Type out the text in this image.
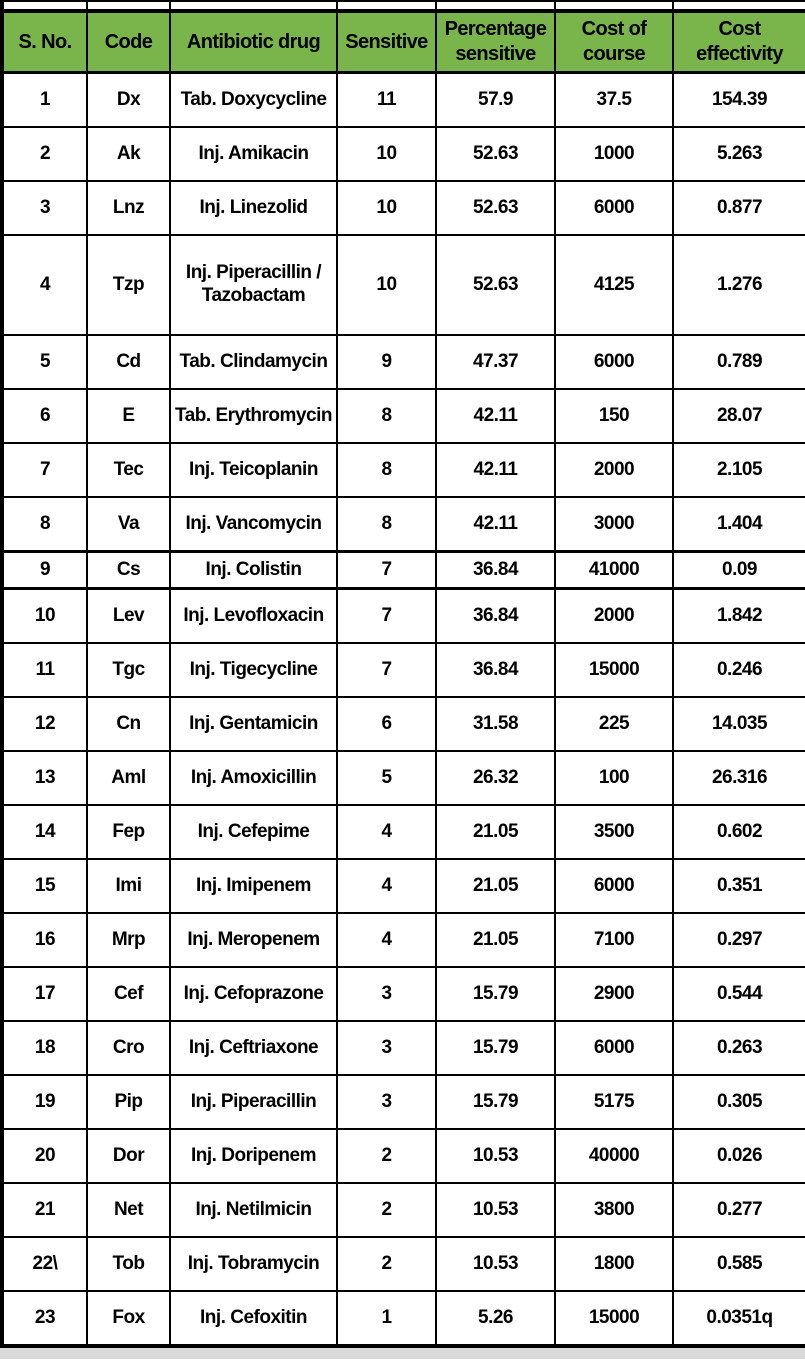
S. No.	Code	Antibiotic drug	Sensitive	Percentage sensitive	Cost of course	Cost effectivity
1	Dx	Tab. Doxycycline	11	57.9	37.5	154.39
2	Ak	Inj. Amikacin	10	52.63	1000	5.263
3	Lnz	Inj. Linezolid	10	52.63	6000	0.877
4	Tzp	Inj. Piperacillin / Tazobactam	10	52.63	4125	1.276
5	Cd	Tab. Clindamycin	9	47.37	6000	0.789
6	E	Tab. Erythromycin	8	42.11	150	28.07
7	Tec	Inj. Teicoplanin	8	42.11	2000	2.105
8	Va	Inj. Vancomycin	8	42.11	3000	1.404
9	Cs	Inj. Colistin	7	36.84	41000	0.09
10	Lev	Inj. Levofloxacin	7	36.84	2000	1.842
11	Tgc	Inj. Tigecycline	7	36.84	15000	0.246
12	Cn	Inj. Gentamicin	6	31.58	225	14.035
13	Aml	Inj. Amoxicillin	5	26.32	100	26.316
14	Fep	Inj. Cefepime	4	21.05	3500	0.602
15	Imi	Inj. Imipenem	4	21.05	6000	0.351
16	Mrp	Inj. Meropenem	4	21.05	7100	0.297
17	Cef	Inj. Cefoprazone	3	15.79	2900	0.544
18	Cro	Inj. Ceftriaxone	3	15.79	6000	0.263
19	Pip	Inj. Piperacillin	3	15.79	5175	0.305
20	Dor	Inj. Doripenem	2	10.53	40000	0.026
21	Net	Inj. Netilmicin	2	10.53	3800	0.277
22\	Tob	Inj. Tobramycin	2	10.53	1800	0.585
23	Fox	Inj. Cefoxitin	1	5.26	15000	0.0351q
